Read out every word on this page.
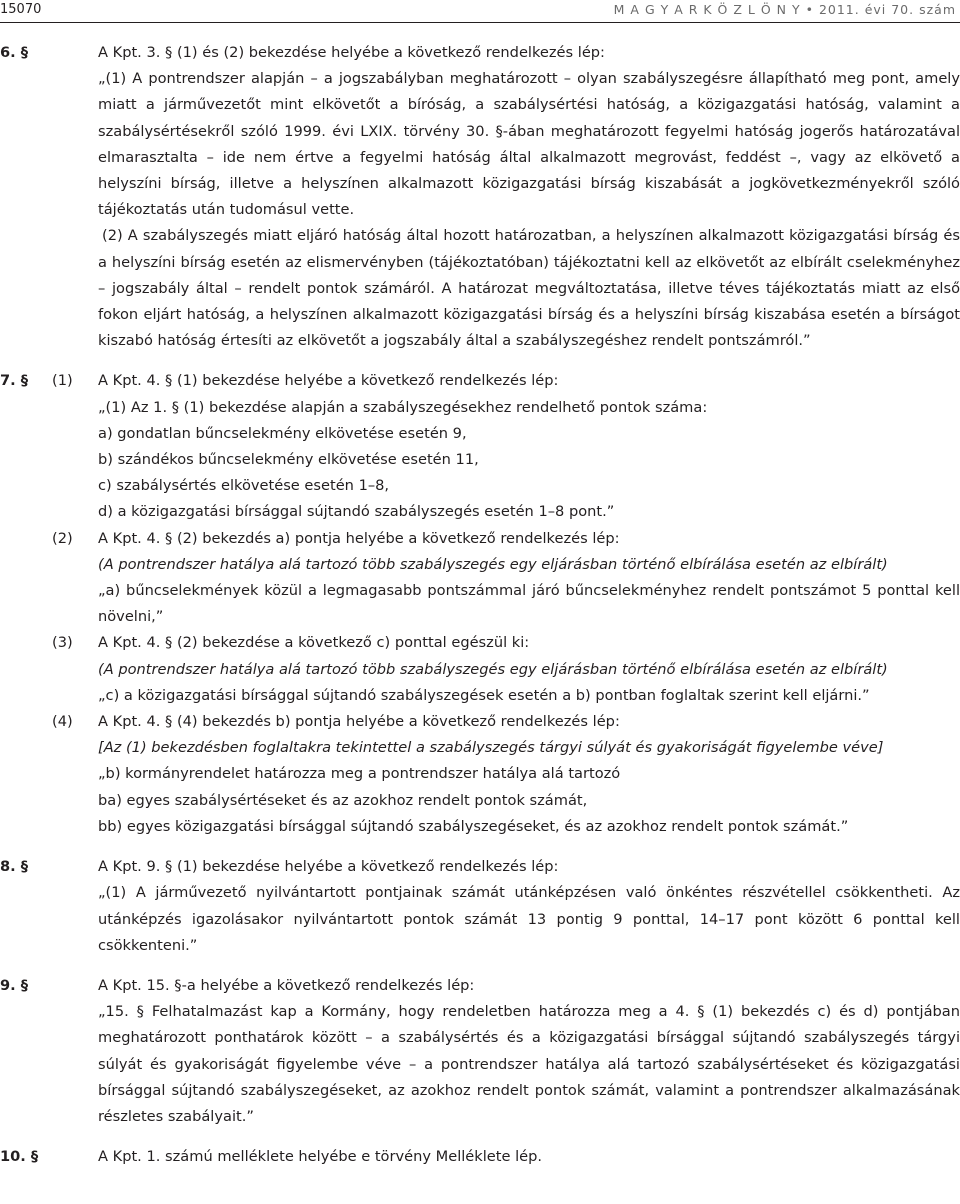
15070	M A G Y A R K Ö Z L Ö N Y • 2011. évi 70. szám
6. §	A Kpt. 3. § (1) és (2) bekezdése helyébe a következő rendelkezés lép:

„(1) A pontrendszer alapján – a jogszabályban meghatározott – olyan szabályszegésre állapítható meg pont, amely miatt a járművezetőt mint elkövetőt a bíróság, a szabálysértési hatóság, a közigazgatási hatóság, valamint a szabálysértésekről szóló 1999. évi LXIX. törvény 30. §-ában meghatározott fegyelmi hatóság jogerős határozatával elmarasztalta – ide nem értve a fegyelmi hatóság által alkalmazott megrovást, feddést –, vagy az elkövető a helyszíni bírság, illetve a helyszínen alkalmazott közigazgatási bírság kiszabását a jogkövetkezményekről szóló tájékoztatás után tudomásul vette.

(2) A szabályszegés miatt eljáró hatóság által hozott határozatban, a helyszínen alkalmazott közigazgatási bírság és a helyszíni bírság esetén az elismervényben (tájékoztatóban) tájékoztatni kell az elkövetőt az elbírált cselekményhez – jogszabály által – rendelt pontok számáról. A határozat megváltoztatása, illetve téves tájékoztatás miatt az első fokon eljárt hatóság, a helyszínen alkalmazott közigazgatási bírság és a helyszíni bírság kiszabása esetén a bírságot kiszabó hatóság értesíti az elkövetőt a jogszabály által a szabályszegéshez rendelt pontszámról.”

7. § (1)	A Kpt. 4. § (1) bekezdése helyébe a következő rendelkezés lép:

„(1) Az 1. § (1) bekezdése alapján a szabályszegésekhez rendelhető pontok száma:

a) gondatlan bűncselekmény elkövetése esetén 9,

b) szándékos bűncselekmény elkövetése esetén 11,

c) szabálysértés elkövetése esetén 1–8,

d) a közigazgatási bírsággal sújtandó szabályszegés esetén 1–8 pont.”

(2)	A Kpt. 4. § (2) bekezdés a) pontja helyébe a következő rendelkezés lép:

(A pontrendszer hatálya alá tartozó több szabályszegés egy eljárásban történő elbírálása esetén az elbírált)

„a) bűncselekmények közül a legmagasabb pontszámmal járó bűncselekményhez rendelt pontszámot 5 ponttal kell növelni,”

(3)	A Kpt. 4. § (2) bekezdése a következő c) ponttal egészül ki:

(A pontrendszer hatálya alá tartozó több szabályszegés egy eljárásban történő elbírálása esetén az elbírált)

„c) a közigazgatási bírsággal sújtandó szabályszegések esetén a b) pontban foglaltak szerint kell eljárni.”

(4)	A Kpt. 4. § (4) bekezdés b) pontja helyébe a következő rendelkezés lép:

[Az (1) bekezdésben foglaltakra tekintettel a szabályszegés tárgyi súlyát és gyakoriságát figyelembe véve]

„b) kormányrendelet határozza meg a pontrendszer hatálya alá tartozó

ba) egyes szabálysértéseket és az azokhoz rendelt pontok számát,

bb) egyes közigazgatási bírsággal sújtandó szabályszegéseket, és az azokhoz rendelt pontok számát.”

8. §	A Kpt. 9. § (1) bekezdése helyébe a következő rendelkezés lép:

„(1) A járművezető nyilvántartott pontjainak számát utánképzésen való önkéntes részvétellel csökkentheti. Az utánképzés igazolásakor nyilvántartott pontok számát 13 pontig 9 ponttal, 14–17 pont között 6 ponttal kell csökkenteni.”

9. §	A Kpt. 15. §-a helyébe a következő rendelkezés lép:

„15. § Felhatalmazást kap a Kormány, hogy rendeletben határozza meg a 4. § (1) bekezdés c) és d) pontjában meghatározott ponthatárok között – a szabálysértés és a közigazgatási bírsággal sújtandó szabályszegés tárgyi súlyát és gyakoriságát figyelembe véve – a pontrendszer hatálya alá tartozó szabálysértéseket és közigazgatási bírsággal sújtandó szabályszegéseket, az azokhoz rendelt pontok számát, valamint a pontrendszer alkalmazásának részletes szabályait.”

10. §	A Kpt. 1. számú melléklete helyébe e törvény Melléklete lép.
